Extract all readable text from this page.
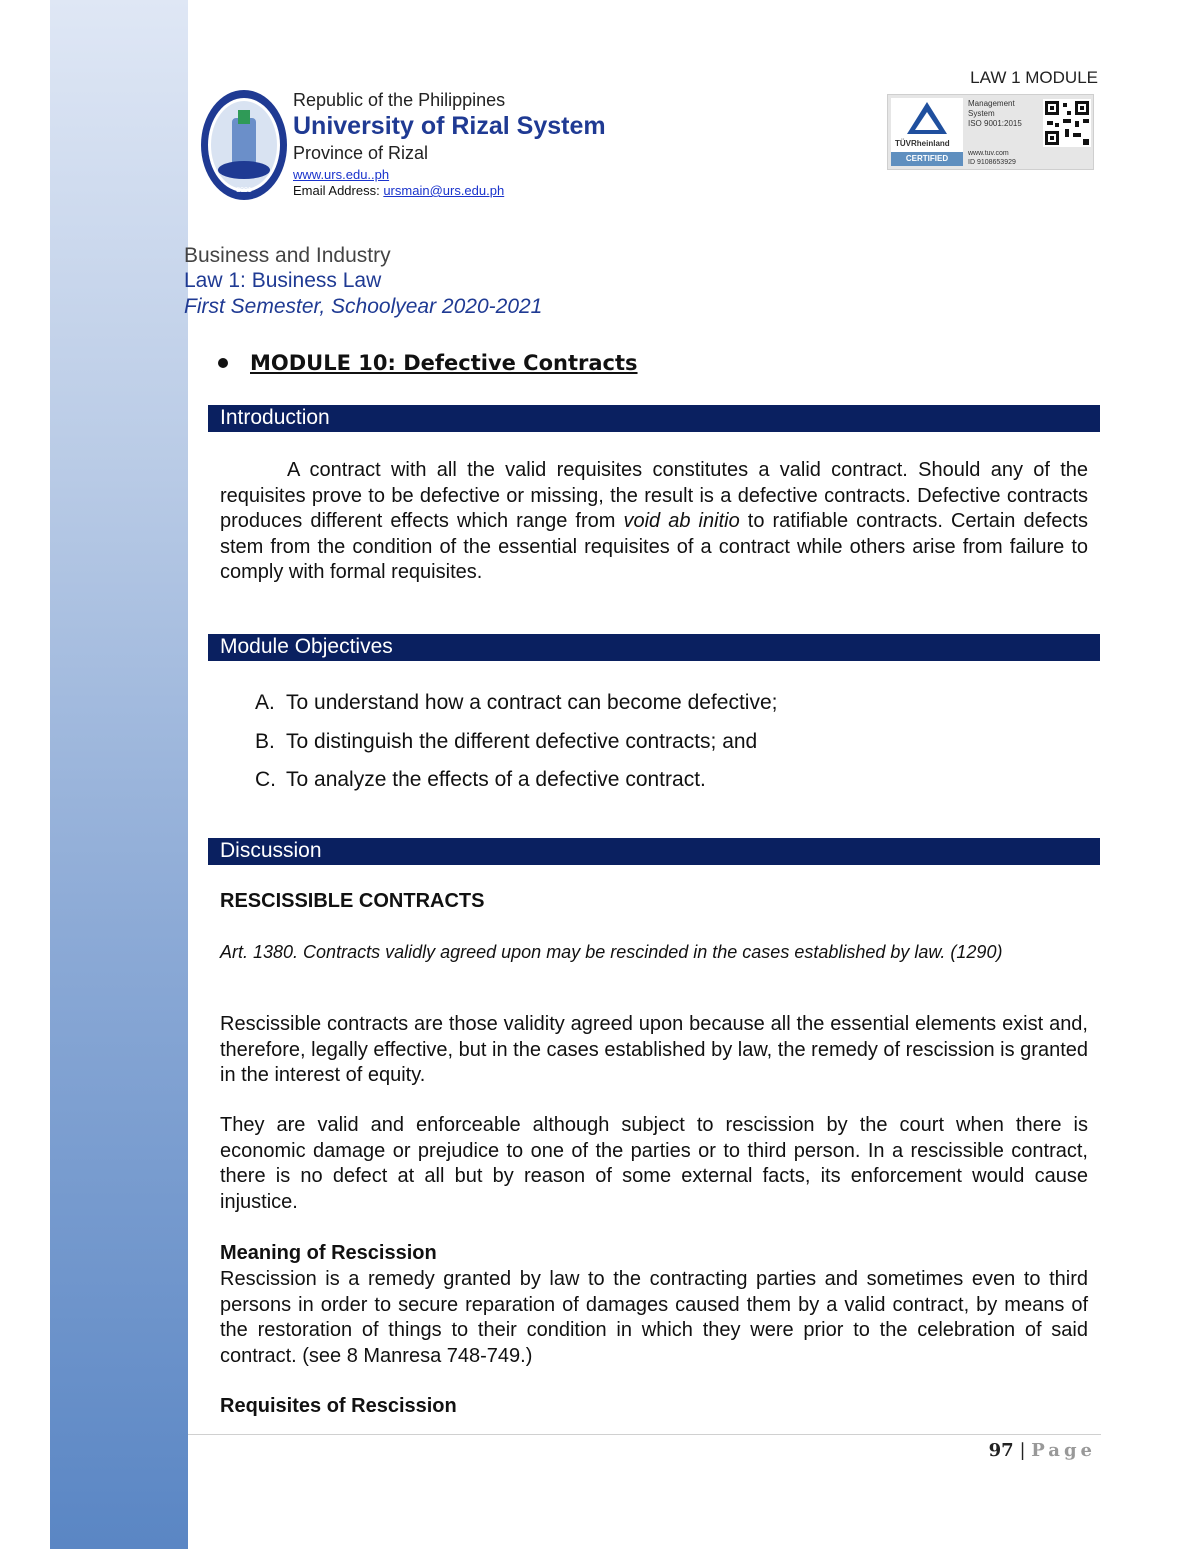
LAW 1 MODULE
2001

Republic of the Philippines

University of Rizal System

Province of Rizal

www.urs.edu..ph

Email Address: ursmain@urs.edu.ph

TÜVRheinland
CERTIFIED
Management
System
ISO 9001:2015
www.tuv.com
ID 9108653929

Business and Industry

Law 1: Business Law

First Semester, Schoolyear 2020-2021

MODULE 10: Defective Contracts
Introduction

A contract with all the valid requisites constitutes a valid contract. Should any of the requisites prove to be defective or missing, the result is a defective contracts. Defective contracts produces different effects which range from void ab initio to ratifiable contracts. Certain defects stem from the condition of the essential requisites of a contract while others arise from failure to comply with formal requisites.

Module Objectives
A. To understand how a contract can become defective;
B. To distinguish the different defective contracts; and
C. To analyze the effects of a defective contract.
Discussion

RESCISSIBLE CONTRACTS

Art. 1380. Contracts validly agreed upon may be rescinded in the cases established by law. (1290)

Rescissible contracts are those validity agreed upon because all the essential elements exist and, therefore, legally effective, but in the cases established by law, the remedy of rescission is granted in the interest of equity.

They are valid and enforceable although subject to rescission by the court when there is economic damage or prejudice to one of the parties or to third person. In a rescissible contract, there is no defect at all but by reason of some external facts, its enforcement would cause injustice.

Meaning of Rescission

Rescission is a remedy granted by law to the contracting parties and sometimes even to third persons in order to secure reparation of damages caused them by a valid contract, by means of the restoration of things to their condition in which they were prior to the celebration of said contract. (see 8 Manresa 748-749.)

Requisites of Rescission

97 | Page
